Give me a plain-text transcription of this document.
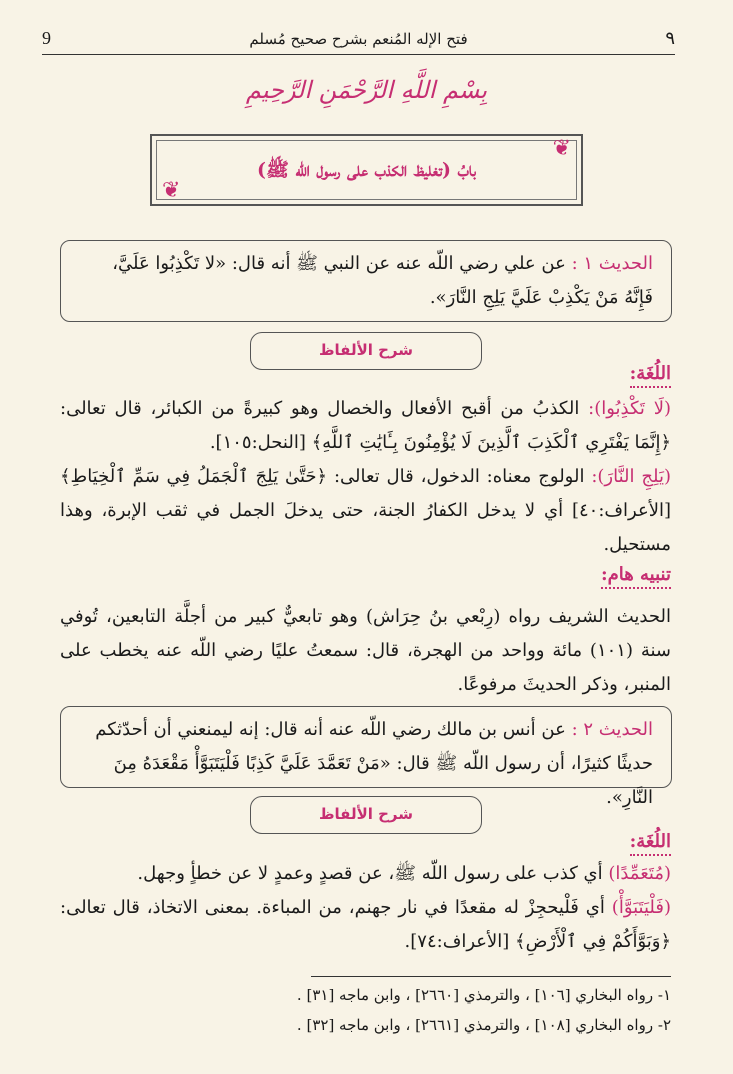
٩
فتح الإله المُنعم بشرح صحيح مُسلم
9
بِسْمِ اللَّهِ الرَّحْمَنِ الرَّحِيمِ
❦
❦
بابُ (تغليظ الكذب على رسول الله ﷺ)

الحديث ١ : عن علي رضي اللّه عنه عن النبي ﷺ أنه قال: «لا تَكْذِبُوا عَلَيَّ، فَإِنَّهُ مَنْ يَكْذِبْ عَلَيَّ يَلِجِ النَّارَ».

شرح الألفاظ
اللُغَة:

(لَا تَكْذِبُوا): الكذبُ من أقبح الأفعال والخصال وهو كبيرةً من الكبائر، قال تعالى: ﴿إِنَّمَا يَفْتَرِي ٱلْكَذِبَ ٱلَّذِينَ لَا يُؤْمِنُونَ بِـَٔايَٰتِ ٱللَّهِ﴾ [النحل:١٠٥].

(يَلِجِ النَّارَ): الولوج معناه: الدخول، قال تعالى: ﴿حَتَّىٰ يَلِجَ ٱلْجَمَلُ فِي سَمِّ ٱلْخِيَاطِ﴾ [الأعراف:٤٠] أي لا يدخل الكفارُ الجنة، حتى يدخلَ الجمل في ثقب الإبرة، وهذا مستحيل.

تنبيه هام:

الحديث الشريف رواه (رِبْعي بنُ حِرَاش) وهو تابعيٌّ كبير من أجلَّة التابعين، تُوفي سنة (١٠١) مائة وواحد من الهجرة، قال: سمعتُ عليًا رضي اللّه عنه يخطب على المنبر، وذكر الحديثَ مرفوعًا.

الحديث ٢ : عن أنس بن مالك رضي اللّه عنه أنه قال: إنه ليمنعني أن أحدّثكم حديثًا كثيرًا، أن رسول اللّه ﷺ قال: «مَنْ تَعَمَّدَ عَلَيَّ كَذِبًا فَلْيَتَبَوَّأْ مَقْعَدَهُ مِنَ النَّارِ».

شرح الألفاظ
اللُغَة:

(مُتَعَمِّدًا) أي كذب على رسول اللّه ﷺ، عن قصدٍ وعمدٍ لا عن خطأٍ وجهل.

(فَلْيَتَبَوَّأْ) أي فَلْيحجِزْ له مقعدًا في نار جهنم، من المباءة. بمعنى الاتخاذ، قال تعالى: ﴿وَبَوَّأَكُمْ فِي ٱلْأَرْضِ﴾ [الأعراف:٧٤].

١- رواه البخاري [١٠٦] ، والترمذي [٢٦٦٠] ، وابن ماجه [٣١] .

٢- رواه البخاري [١٠٨] ، والترمذي [٢٦٦١] ، وابن ماجه [٣٢] .
